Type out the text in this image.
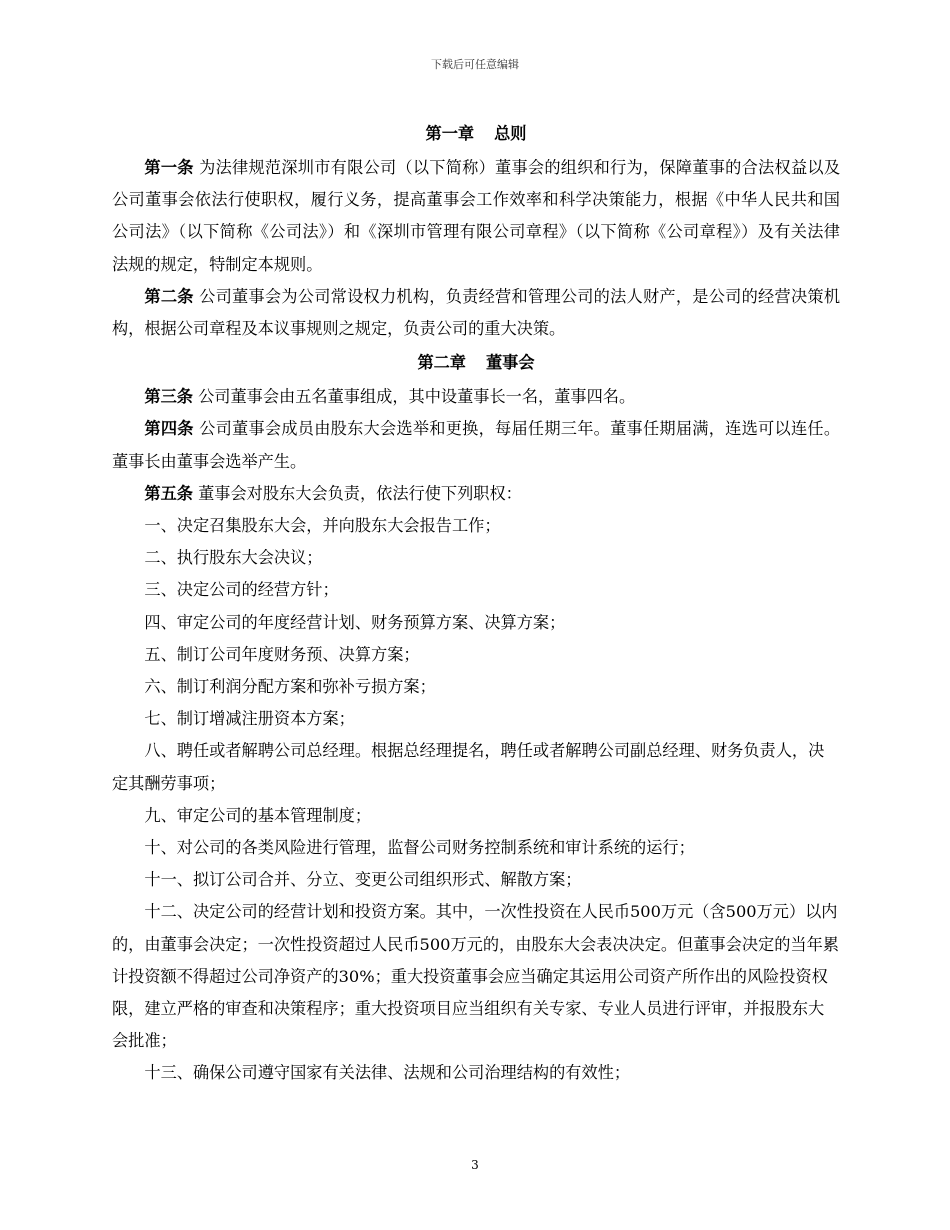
下载后可任意编辑
第一章 总则

第一条 为法律规范深圳市有限公司（以下简称）董事会的组织和行为，保障董事的合法权益以及公司董事会依法行使职权，履行义务，提高董事会工作效率和科学决策能力，根据《中华人民共和国公司法》（以下简称《公司法》）和《深圳市管理有限公司章程》（以下简称《公司章程》）及有关法律法规的规定，特制定本规则。

第二条 公司董事会为公司常设权力机构，负责经营和管理公司的法人财产，是公司的经营决策机构，根据公司章程及本议事规则之规定，负责公司的重大决策。

第二章 董事会

第三条 公司董事会由五名董事组成，其中设董事长一名，董事四名。

第四条 公司董事会成员由股东大会选举和更换，每届任期三年。董事任期届满，连选可以连任。董事长由董事会选举产生。

第五条 董事会对股东大会负责，依法行使下列职权：

一、决定召集股东大会，并向股东大会报告工作；

二、执行股东大会决议；

三、决定公司的经营方针；

四、审定公司的年度经营计划、财务预算方案、决算方案；

五、制订公司年度财务预、决算方案；

六、制订利润分配方案和弥补亏损方案；

七、制订增减注册资本方案；

八、聘任或者解聘公司总经理。根据总经理提名，聘任或者解聘公司副总经理、财务负责人，决定其酬劳事项；

九、审定公司的基本管理制度；

十、对公司的各类风险进行管理，监督公司财务控制系统和审计系统的运行；

十一、拟订公司合并、分立、变更公司组织形式、解散方案；

十二、决定公司的经营计划和投资方案。其中，一次性投资在人民币500万元（含500万元）以内的，由董事会决定；一次性投资超过人民币500万元的，由股东大会表决决定。但董事会决定的当年累计投资额不得超过公司净资产的30%；重大投资董事会应当确定其运用公司资产所作出的风险投资权限，建立严格的审查和决策程序；重大投资项目应当组织有关专家、专业人员进行评审，并报股东大会批准；

十三、确保公司遵守国家有关法律、法规和公司治理结构的有效性；

3
